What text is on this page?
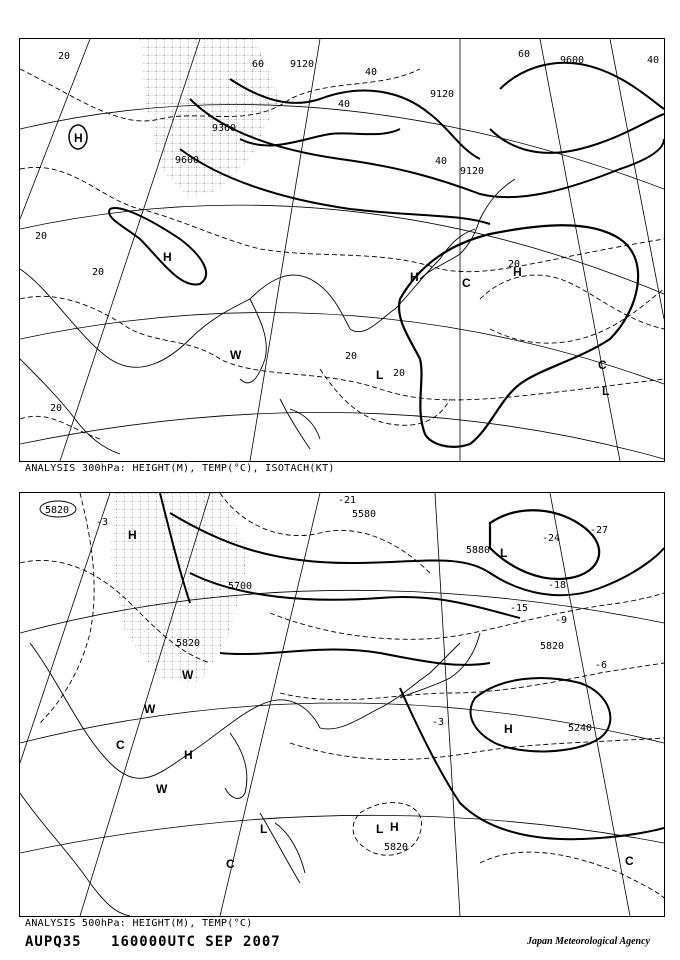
9120
9120
9360
9600
9600
9120
20
20
20
20
20
20
20
40
40
40
60
60
40
H
H
H
H	C
C
L
L
W
ANALYSIS 300hPa: HEIGHT(M), TEMP(°C), ISOTACH(KT)
5820	5580
5700
5820
5820
5820
5880
5240
-3
-21
-27
-24
-18
-15
-9
-6
-3
H
H
H
H
L
L
L
C
C	C
W
W
W
ANALYSIS 500hPa: HEIGHT(M), TEMP(°C)
AUPQ35 160000UTC SEP 2007	Japan Meteorological Agency
